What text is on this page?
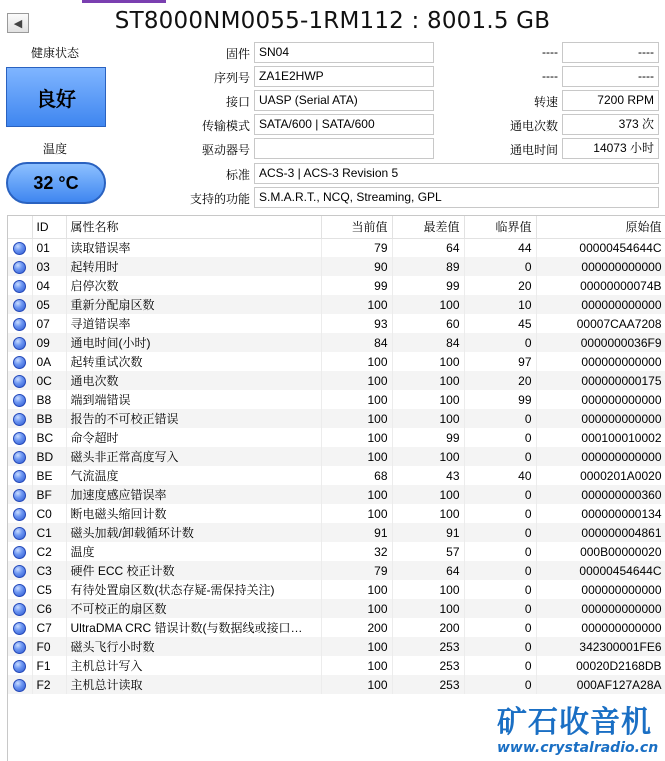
◀	ST8000NM0055-1RM112 : 8001.5 GB
健康状态
良好
温度
32 °C
固件 SN04
序列号 ZA1E2HWP
接口 UASP (Serial ATA)
传输模式 SATA/600 | SATA/600
驱动器号
----	----
----	----
转速	7200 RPM
通电次数	373 次
通电时间	14073 小时
标准 ACS-3 | ACS-3 Revision 5
支持的功能 S.M.A.R.T., NCQ, Streaming, GPL
	ID	属性名称	当前值	最差值	临界值	原始值
	01	读取错误率	79	64	44	00000454644C
	03	起转用时	90	89	0	000000000000
	04	启停次数	99	99	20	00000000074B
	05	重新分配扇区数	100	100	10	000000000000
	07	寻道错误率	93	60	45	00007CAA7208
	09	通电时间(小时)	84	84	0	0000000036F9
	0A	起转重试次数	100	100	97	000000000000
	0C	通电次数	100	100	20	000000000175
	B8	端到端错误	100	100	99	000000000000
	BB	报告的不可校正错误	100	100	0	000000000000
	BC	命令超时	100	99	0	000100010002
	BD	磁头非正常高度写入	100	100	0	000000000000
	BE	气流温度	68	43	40	0000201A0020
	BF	加速度感应错误率	100	100	0	000000000360
	C0	断电磁头缩回计数	100	100	0	000000000134
	C1	磁头加载/卸载循环计数	91	91	0	000000004861
	C2	温度	32	57	0	000B00000020
	C3	硬件 ECC 校正计数	79	64	0	00000454644C
	C5	有待处置扇区数(状态存疑-需保持关注)	100	100	0	000000000000
	C6	不可校正的扇区数	100	100	0	000000000000
	C7	UltraDMA CRC 错误计数(与数据线或接口…	200	200	0	000000000000
	F0	磁头飞行小时数	100	253	0	342300001FE6
	F1	主机总计写入	100	253	0	00020D2168DB
	F2	主机总计读取	100	253	0	000AF127A28A
矿石收音机
www.crystalradio.cn
